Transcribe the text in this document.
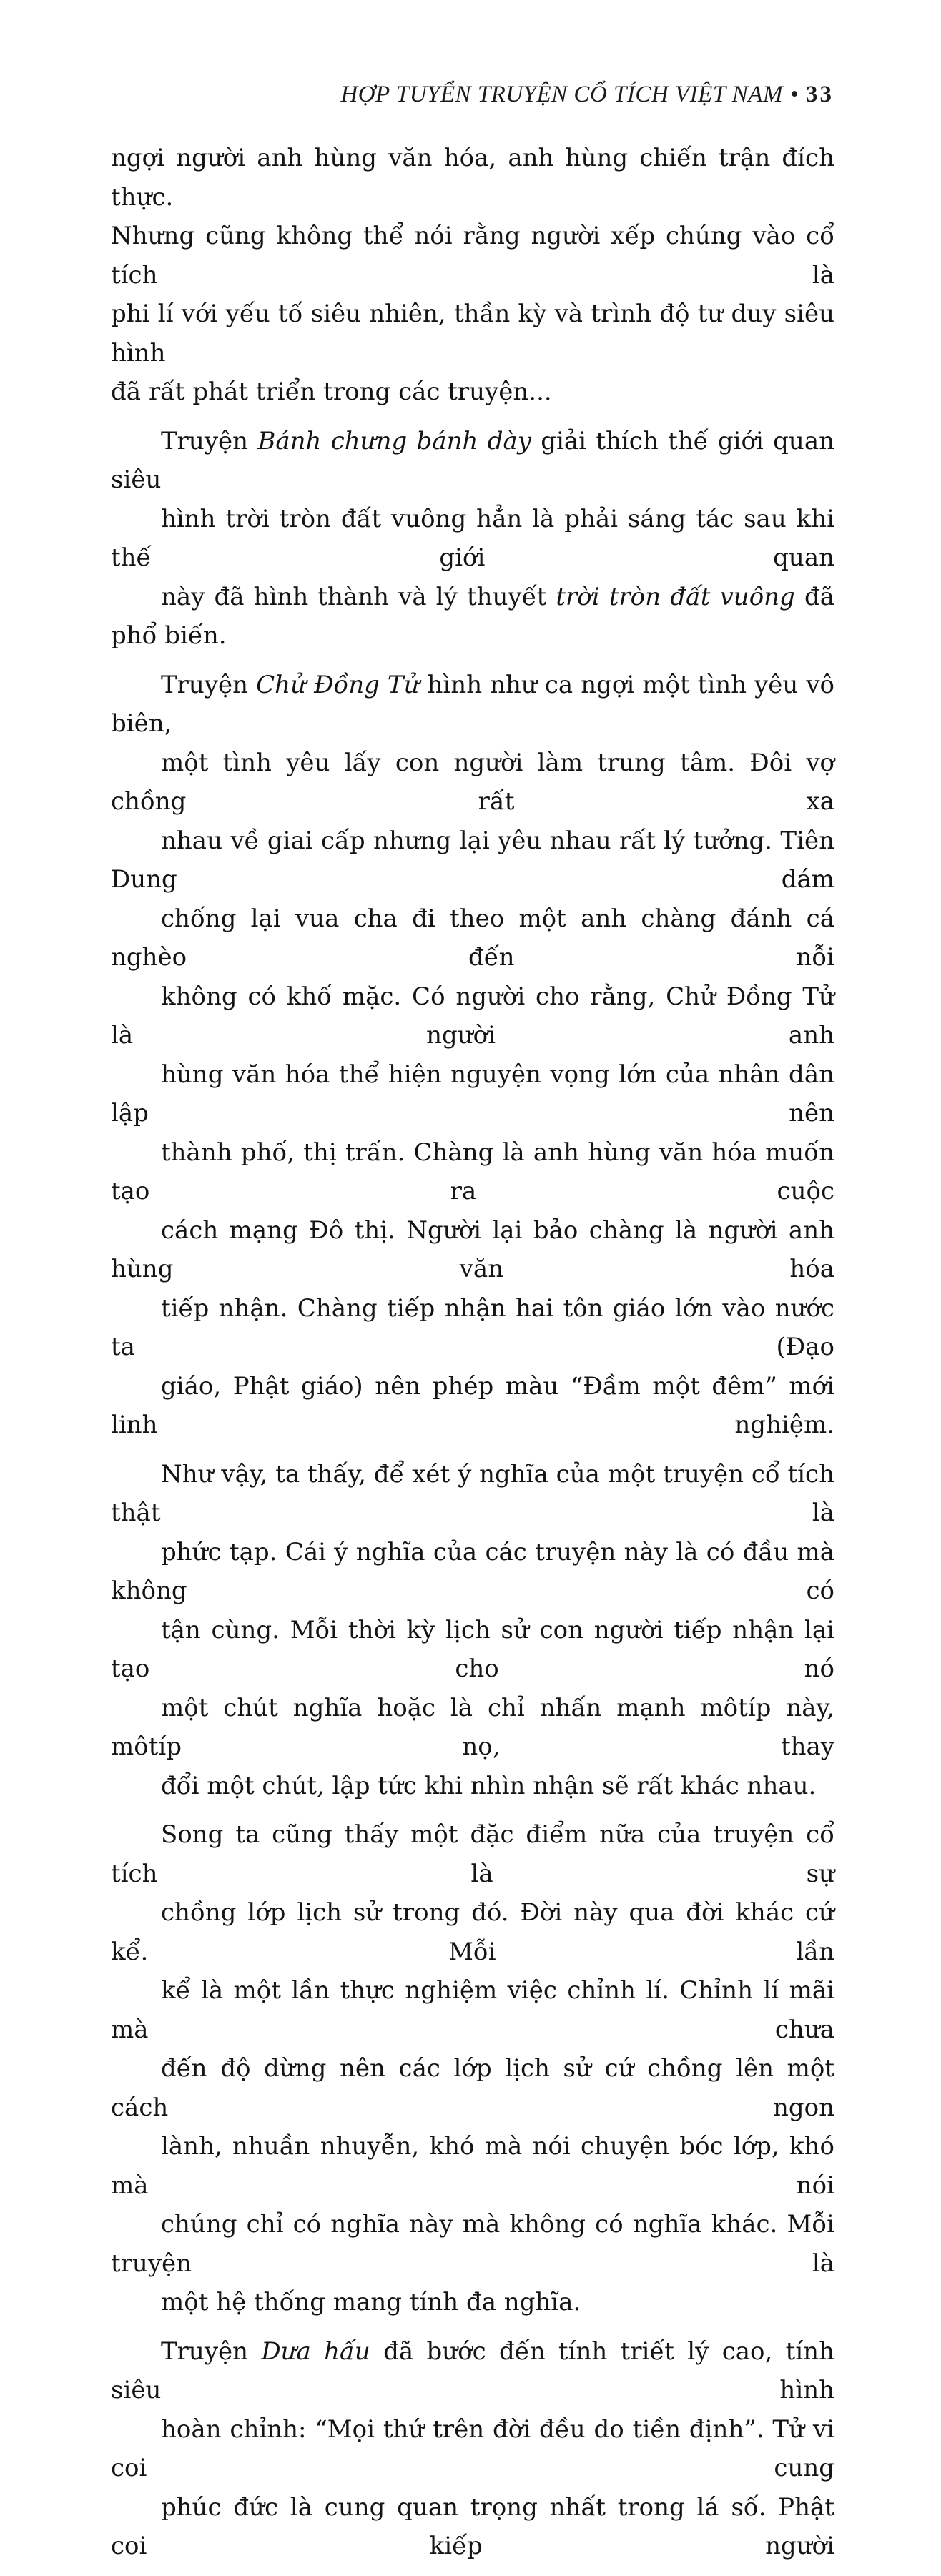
HỢP TUYỂN TRUYỆN CỔ TÍCH VIỆT NAM • 33
ngợi người anh hùng văn hóa, anh hùng chiến trận đích thực.
Nhưng cũng không thể nói rằng người xếp chúng vào cổ tích là
phi lí với yếu tố siêu nhiên, thần kỳ và trình độ tư duy siêu hình
đã rất phát triển trong các truyện...
Truyện Bánh chưng bánh dày giải thích thế giới quan siêu
hình trời tròn đất vuông hẳn là phải sáng tác sau khi thế giới quan
này đã hình thành và lý thuyết trời tròn đất vuông đã phổ biến.
Truyện Chử Đồng Tử hình như ca ngợi một tình yêu vô biên,
một tình yêu lấy con người làm trung tâm. Đôi vợ chồng rất xa
nhau về giai cấp nhưng lại yêu nhau rất lý tưởng. Tiên Dung dám
chống lại vua cha đi theo một anh chàng đánh cá nghèo đến nỗi
không có khố mặc. Có người cho rằng, Chử Đồng Tử là người anh
hùng văn hóa thể hiện nguyện vọng lớn của nhân dân lập nên
thành phố, thị trấn. Chàng là anh hùng văn hóa muốn tạo ra cuộc
cách mạng Đô thị. Người lại bảo chàng là người anh hùng văn hóa
tiếp nhận. Chàng tiếp nhận hai tôn giáo lớn vào nước ta (Đạo
giáo, Phật giáo) nên phép màu “Đầm một đêm” mới linh nghiệm.
Như vậy, ta thấy, để xét ý nghĩa của một truyện cổ tích thật là
phức tạp. Cái ý nghĩa của các truyện này là có đầu mà không có
tận cùng. Mỗi thời kỳ lịch sử con người tiếp nhận lại tạo cho nó
một chút nghĩa hoặc là chỉ nhấn mạnh môtíp này, môtíp nọ, thay
đổi một chút, lập tức khi nhìn nhận sẽ rất khác nhau.
Song ta cũng thấy một đặc điểm nữa của truyện cổ tích là sự
chồng lớp lịch sử trong đó. Đời này qua đời khác cứ kể. Mỗi lần
kể là một lần thực nghiệm việc chỉnh lí. Chỉnh lí mãi mà chưa
đến độ dừng nên các lớp lịch sử cứ chồng lên một cách ngon
lành, nhuần nhuyễn, khó mà nói chuyện bóc lớp, khó mà nói
chúng chỉ có nghĩa này mà không có nghĩa khác. Mỗi truyện là
một hệ thống mang tính đa nghĩa.
Truyện Dưa hấu đã bước đến tính triết lý cao, tính siêu hình
hoàn chỉnh: “Mọi thứ trên đời đều do tiền định”. Tử vi coi cung
phúc đức là cung quan trọng nhất trong lá số. Phật coi kiếp người
